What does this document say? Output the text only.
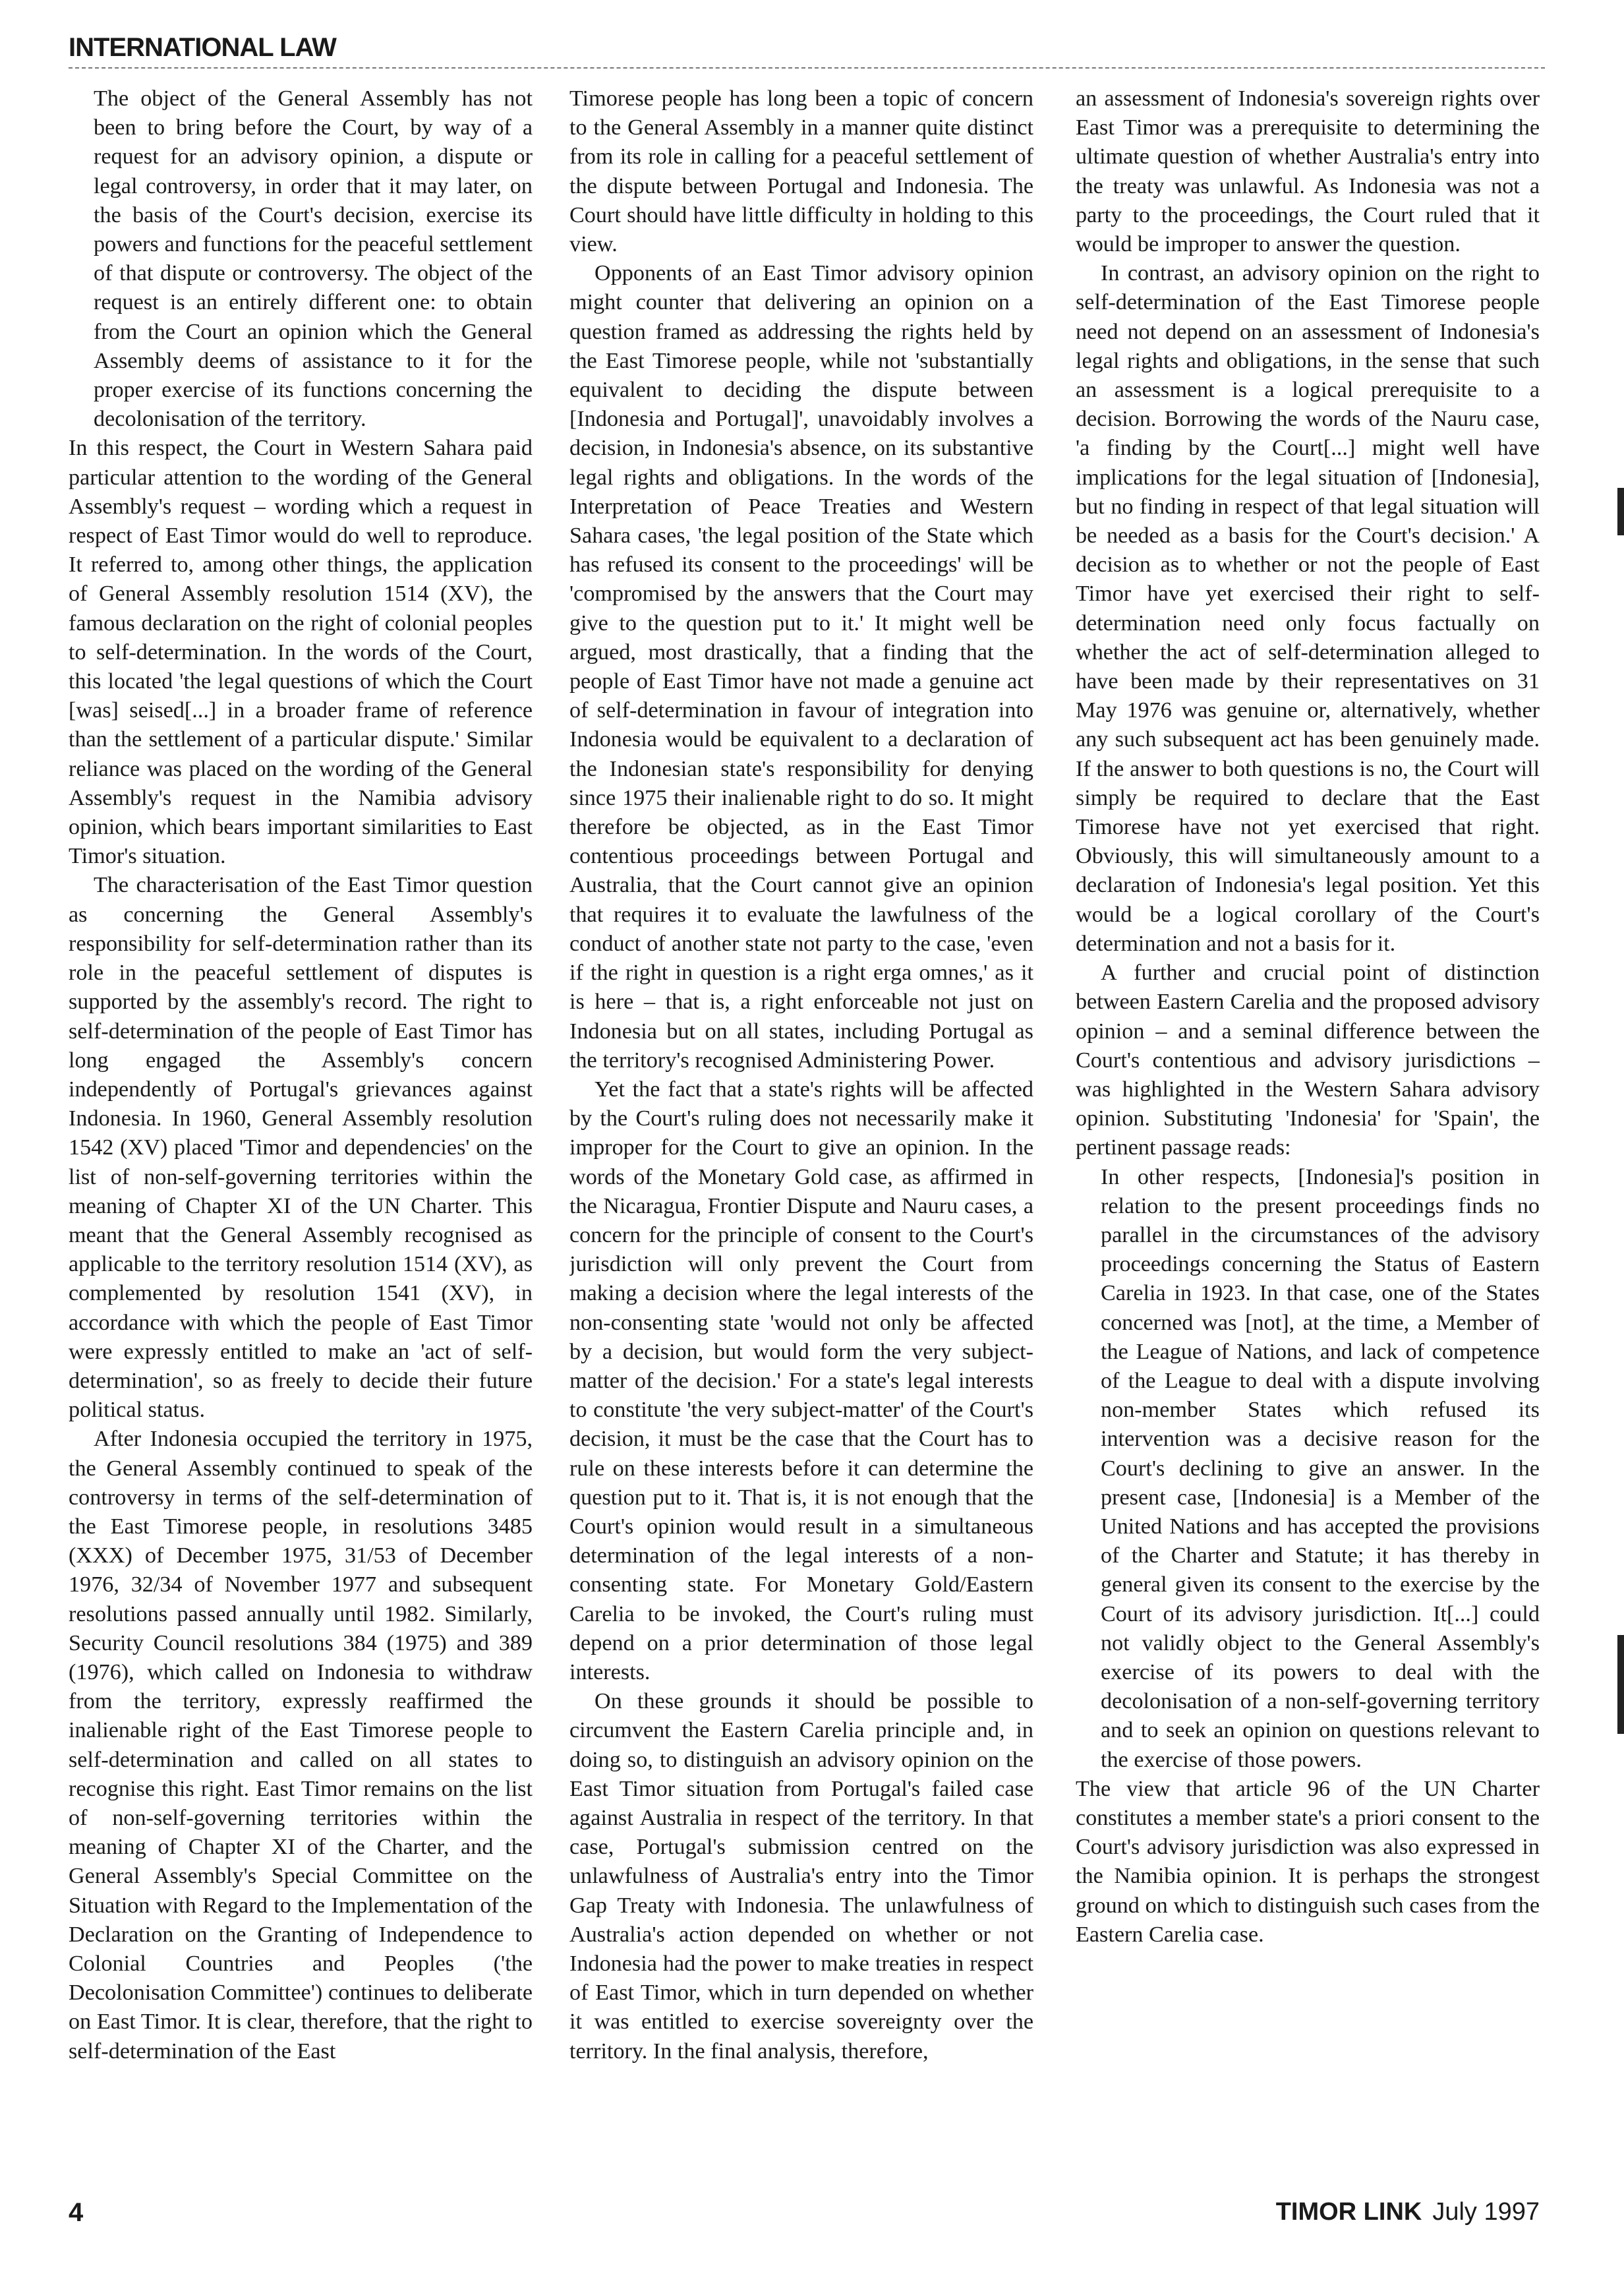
INTERNATIONAL LAW
The object of the General Assembly has not been to bring before the Court, by way of a request for an advisory opinion, a dispute or legal controversy, in order that it may later, on the basis of the Court's decision, exercise its powers and functions for the peaceful settlement of that dispute or controversy. The object of the request is an entirely different one: to obtain from the Court an opinion which the General Assembly deems of assistance to it for the proper exercise of its functions concerning the decolonisation of the territory.

In this respect, the Court in Western Sahara paid particular attention to the wording of the General Assembly's request – wording which a request in respect of East Timor would do well to reproduce. It referred to, among other things, the application of General Assembly resolution 1514 (XV), the famous declaration on the right of colonial peoples to self-determination. In the words of the Court, this located 'the legal questions of which the Court [was] seised[...] in a broader frame of reference than the settlement of a particular dispute.' Similar reliance was placed on the wording of the General Assembly's request in the Namibia advisory opinion, which bears important similarities to East Timor's situation.

The characterisation of the East Timor question as concerning the General Assembly's responsibility for self-determination rather than its role in the peaceful settlement of disputes is supported by the assembly's record. The right to self-determination of the people of East Timor has long engaged the Assembly's concern independently of Portugal's grievances against Indonesia. In 1960, General Assembly resolution 1542 (XV) placed 'Timor and dependencies' on the list of non-self-governing territories within the meaning of Chapter XI of the UN Charter. This meant that the General Assembly recognised as applicable to the territory resolution 1514 (XV), as complemented by resolution 1541 (XV), in accordance with which the people of East Timor were expressly entitled to make an 'act of self-determination', so as freely to decide their future political status.

After Indonesia occupied the territory in 1975, the General Assembly continued to speak of the controversy in terms of the self-determination of the East Timorese people, in resolutions 3485 (XXX) of December 1975, 31/53 of December 1976, 32/34 of November 1977 and subsequent resolutions passed annually until 1982. Similarly, Security Council resolutions 384 (1975) and 389 (1976), which called on Indonesia to withdraw from the territory, expressly reaffirmed the inalienable right of the East Timorese people to self-determination and called on all states to recognise this right. East Timor remains on the list of non-self-governing territories within the meaning of Chapter XI of the Charter, and the General Assembly's Special Committee on the Situation with Regard to the Implementation of the Declaration on the Granting of Independence to Colonial Countries and Peoples ('the Decolonisation Committee') continues to deliberate on East Timor. It is clear, therefore, that the right to self-determination of the East

Timorese people has long been a topic of concern to the General Assembly in a manner quite distinct from its role in calling for a peaceful settlement of the dispute between Portugal and Indonesia. The Court should have little difficulty in holding to this view.

Opponents of an East Timor advisory opinion might counter that delivering an opinion on a question framed as addressing the rights held by the East Timorese people, while not 'substantially equivalent to deciding the dispute between [Indonesia and Portugal]', unavoidably involves a decision, in Indonesia's absence, on its substantive legal rights and obligations. In the words of the Interpretation of Peace Treaties and Western Sahara cases, 'the legal position of the State which has refused its consent to the proceedings' will be 'compromised by the answers that the Court may give to the question put to it.' It might well be argued, most drastically, that a finding that the people of East Timor have not made a genuine act of self-determination in favour of integration into Indonesia would be equivalent to a declaration of the Indonesian state's responsibility for denying since 1975 their inalienable right to do so. It might therefore be objected, as in the East Timor contentious proceedings between Portugal and Australia, that the Court cannot give an opinion that requires it to evaluate the lawfulness of the conduct of another state not party to the case, 'even if the right in question is a right erga omnes,' as it is here – that is, a right enforceable not just on Indonesia but on all states, including Portugal as the territory's recognised Administering Power.

Yet the fact that a state's rights will be affected by the Court's ruling does not necessarily make it improper for the Court to give an opinion. In the words of the Monetary Gold case, as affirmed in the Nicaragua, Frontier Dispute and Nauru cases, a concern for the principle of consent to the Court's jurisdiction will only prevent the Court from making a decision where the legal interests of the non-consenting state 'would not only be affected by a decision, but would form the very subject-matter of the decision.' For a state's legal interests to constitute 'the very subject-matter' of the Court's decision, it must be the case that the Court has to rule on these interests before it can determine the question put to it. That is, it is not enough that the Court's opinion would result in a simultaneous determination of the legal interests of a non-consenting state. For Monetary Gold/Eastern Carelia to be invoked, the Court's ruling must depend on a prior determination of those legal interests.

On these grounds it should be possible to circumvent the Eastern Carelia principle and, in doing so, to distinguish an advisory opinion on the East Timor situation from Portugal's failed case against Australia in respect of the territory. In that case, Portugal's submission centred on the unlawfulness of Australia's entry into the Timor Gap Treaty with Indonesia. The unlawfulness of Australia's action depended on whether or not Indonesia had the power to make treaties in respect of East Timor, which in turn depended on whether it was entitled to exercise sovereignty over the territory. In the final analysis, therefore,

an assessment of Indonesia's sovereign rights over East Timor was a prerequisite to determining the ultimate question of whether Australia's entry into the treaty was unlawful. As Indonesia was not a party to the proceedings, the Court ruled that it would be improper to answer the question.

In contrast, an advisory opinion on the right to self-determination of the East Timorese people need not depend on an assessment of Indonesia's legal rights and obligations, in the sense that such an assessment is a logical prerequisite to a decision. Borrowing the words of the Nauru case, 'a finding by the Court[...] might well have implications for the legal situation of [Indonesia], but no finding in respect of that legal situation will be needed as a basis for the Court's decision.' A decision as to whether or not the people of East Timor have yet exercised their right to self-determination need only focus factually on whether the act of self-determination alleged to have been made by their representatives on 31 May 1976 was genuine or, alternatively, whether any such subsequent act has been genuinely made. If the answer to both questions is no, the Court will simply be required to declare that the East Timorese have not yet exercised that right. Obviously, this will simultaneously amount to a declaration of Indonesia's legal position. Yet this would be a logical corollary of the Court's determination and not a basis for it.

A further and crucial point of distinction between Eastern Carelia and the proposed advisory opinion – and a seminal difference between the Court's contentious and advisory jurisdictions – was highlighted in the Western Sahara advisory opinion. Substituting 'Indonesia' for 'Spain', the pertinent passage reads:

In other respects, [Indonesia]'s position in relation to the present proceedings finds no parallel in the circumstances of the advisory proceedings concerning the Status of Eastern Carelia in 1923. In that case, one of the States concerned was [not], at the time, a Member of the League of Nations, and lack of competence of the League to deal with a dispute involving non-member States which refused its intervention was a decisive reason for the Court's declining to give an answer. In the present case, [Indonesia] is a Member of the United Nations and has accepted the provisions of the Charter and Statute; it has thereby in general given its consent to the exercise by the Court of its advisory jurisdiction. It[...] could not validly object to the General Assembly's exercise of its powers to deal with the decolonisation of a non-self-governing territory and to seek an opinion on questions relevant to the exercise of those powers.

The view that article 96 of the UN Charter constitutes a member state's a priori consent to the Court's advisory jurisdiction was also expressed in the Namibia opinion. It is perhaps the strongest ground on which to distinguish such cases from the Eastern Carelia case.

4	TIMOR LINK July 1997
